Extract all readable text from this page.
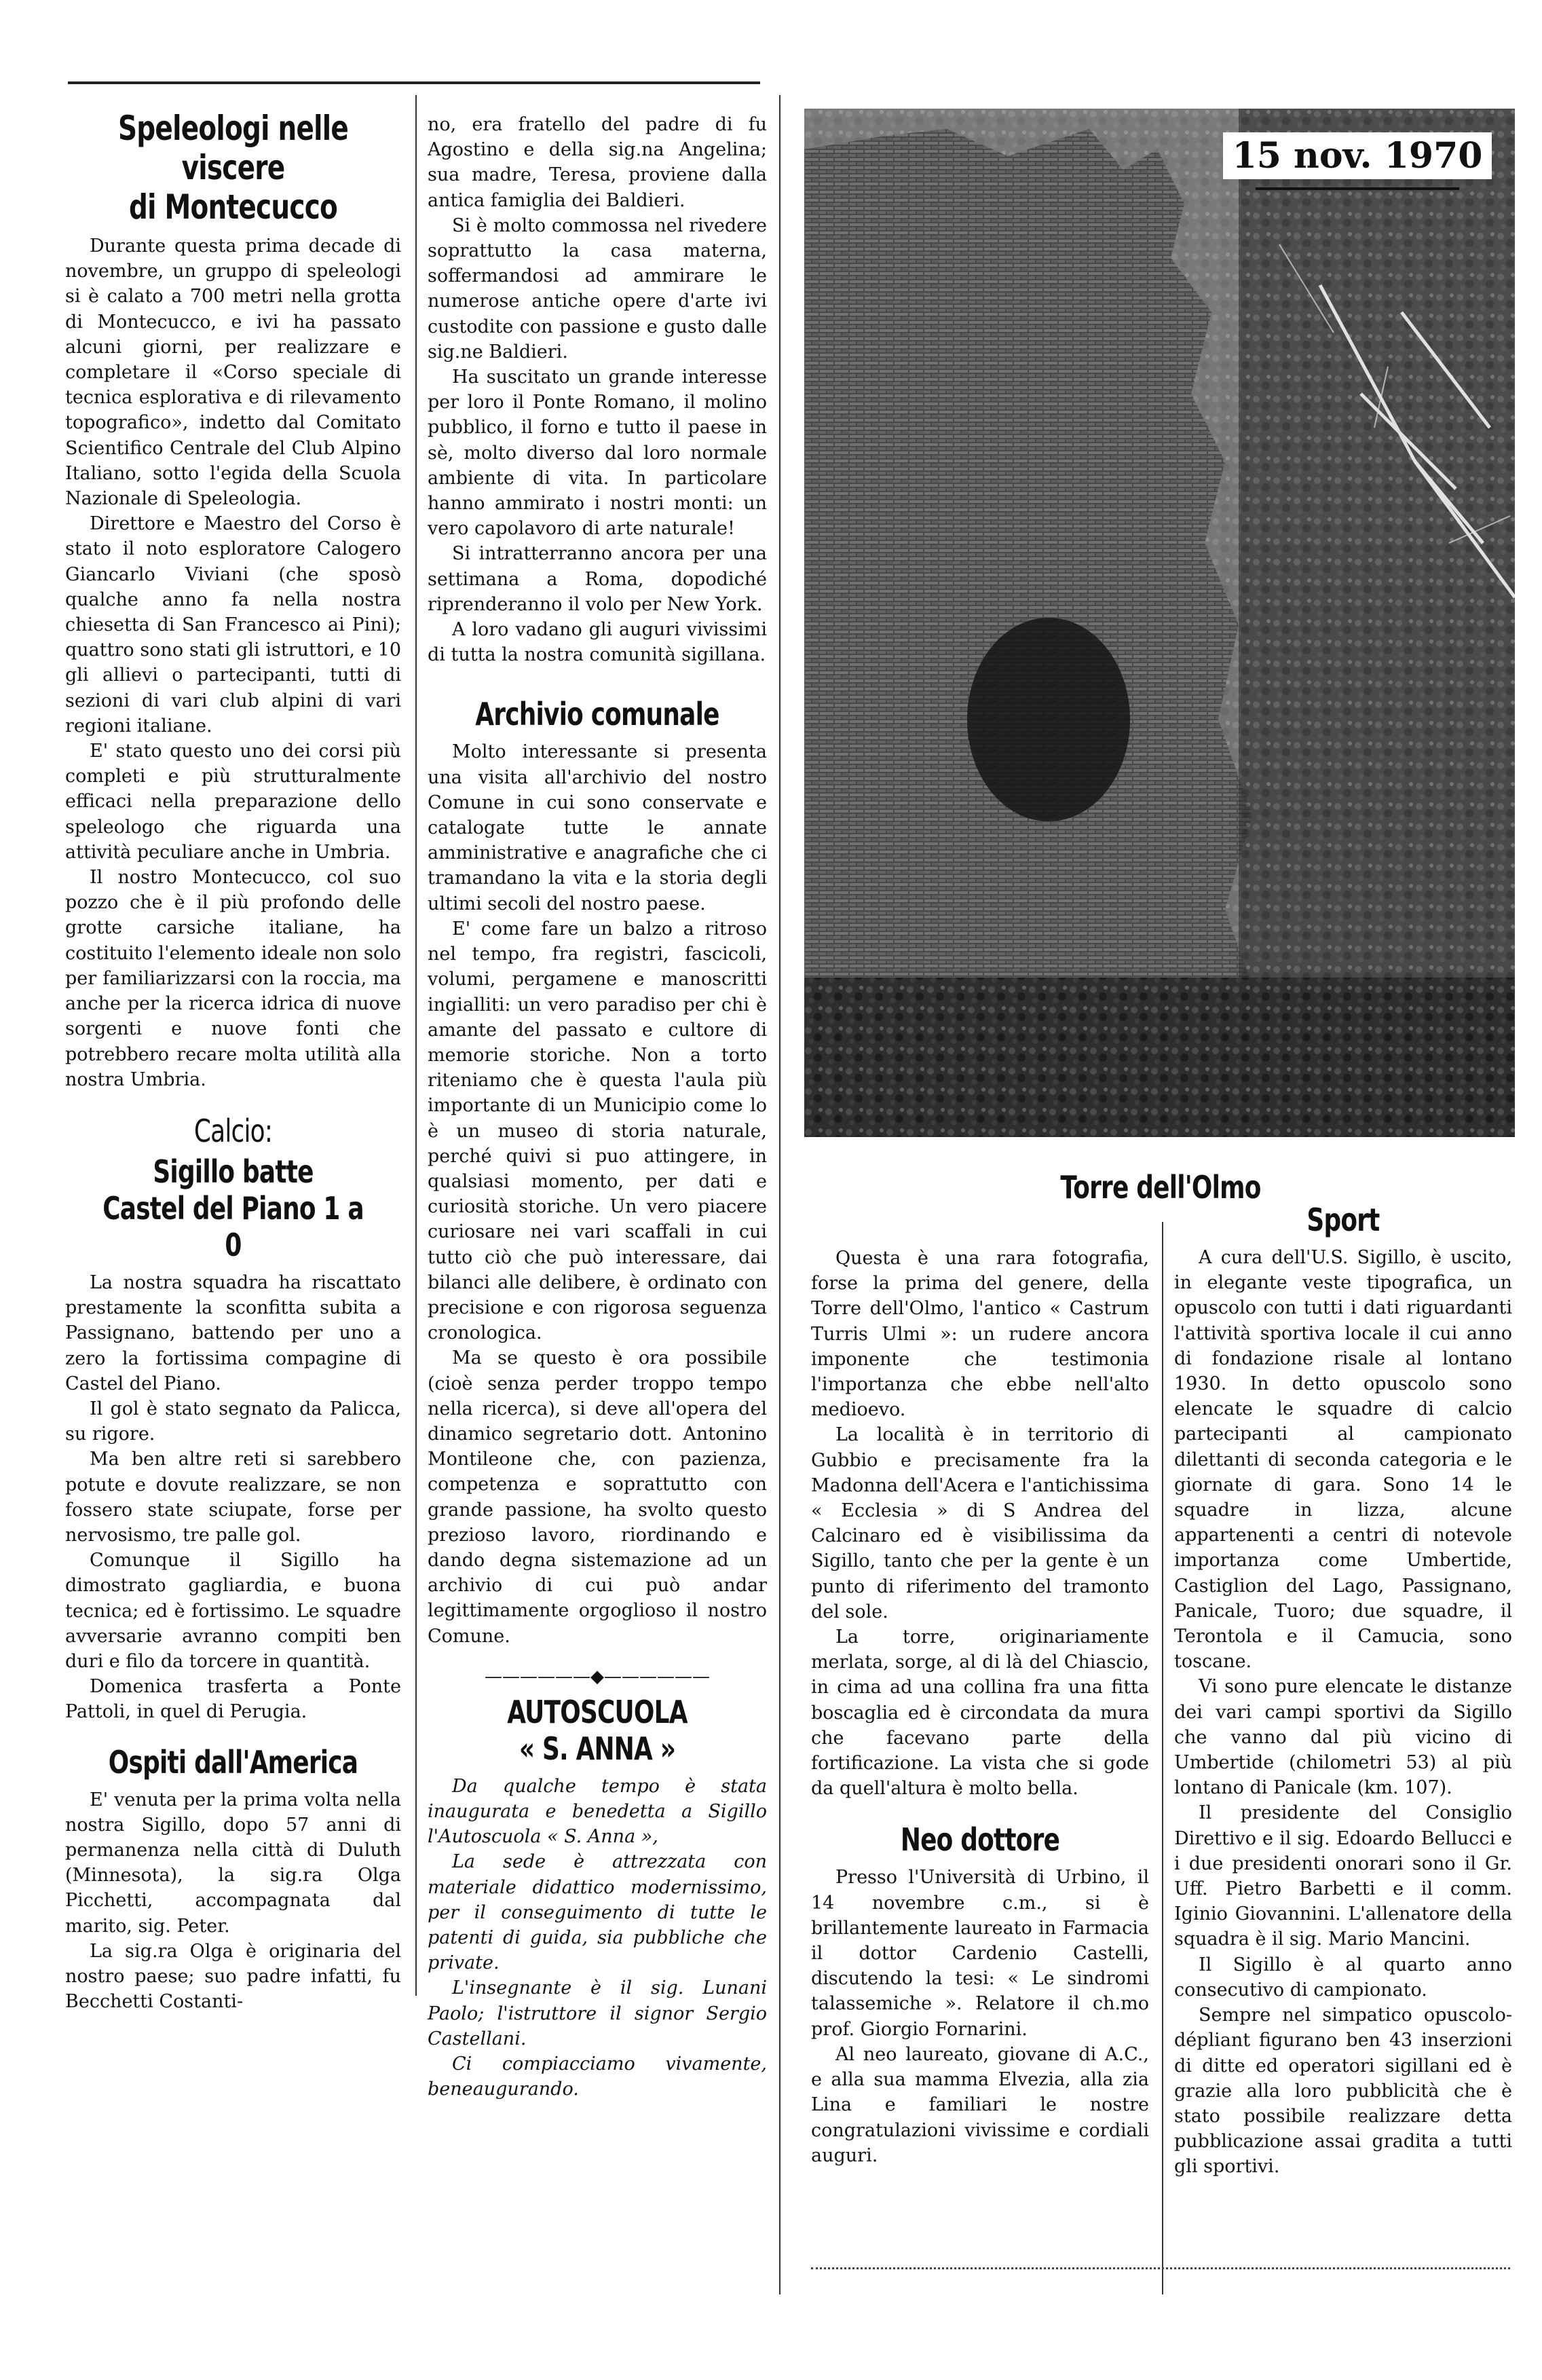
Speleologi nelle viscere
di Montecucco

Durante questa prima decade di novembre, un gruppo di speleologi si è calato a 700 metri nella grotta di Montecucco, e ivi ha passato alcuni giorni, per realizzare e completare il «Corso speciale di tecnica esplorativa e di rilevamento topografico», indetto dal Comitato Scientifico Centrale del Club Alpino Italiano, sotto l'egida della Scuola Nazionale di Speleologia.

Direttore e Maestro del Corso è stato il noto esploratore Calogero Giancarlo Viviani (che sposò qualche anno fa nella nostra chiesetta di San Francesco ai Pini); quattro sono stati gli istruttori, e 10 gli allievi o partecipanti, tutti di sezioni di vari club alpini di vari regioni italiane.

E' stato questo uno dei corsi più completi e più strutturalmente efficaci nella preparazione dello speleologo che riguarda una attività peculiare anche in Umbria.

Il nostro Montecucco, col suo pozzo che è il più profondo delle grotte carsiche italiane, ha costituito l'elemento ideale non solo per familiarizzarsi con la roccia, ma anche per la ricerca idrica di nuove sorgenti e nuove fonti che potrebbero recare molta utilità alla nostra Umbria.

Calcio:
Sigillo batte
Castel del Piano 1 a 0

La nostra squadra ha riscattato prestamente la sconfitta subita a Passignano, battendo per uno a zero la fortissima compagine di Castel del Piano.

Il gol è stato segnato da Palicca, su rigore.

Ma ben altre reti si sarebbero potute e dovute realizzare, se non fossero state sciupate, forse per nervosismo, tre palle gol.

Comunque il Sigillo ha dimostrato gagliardia, e buona tecnica; ed è fortissimo. Le squadre avversarie avranno compiti ben duri e filo da torcere in quantità.

Domenica trasferta a Ponte Pattoli, in quel di Perugia.

Ospiti dall'America

E' venuta per la prima volta nella nostra Sigillo, dopo 57 anni di permanenza nella città di Duluth (Minnesota), la sig.ra Olga Picchetti, accompagnata dal marito, sig. Peter.

La sig.ra Olga è originaria del nostro paese; suo padre infatti, fu Becchetti Costanti-

no, era fratello del padre di fu Agostino e della sig.na Angelina; sua madre, Teresa, proviene dalla antica famiglia dei Baldieri.

Si è molto commossa nel rivedere soprattutto la casa materna, soffermandosi ad ammirare le numerose antiche opere d'arte ivi custodite con passione e gusto dalle sig.ne Baldieri.

Ha suscitato un grande interesse per loro il Ponte Romano, il molino pubblico, il forno e tutto il paese in sè, molto diverso dal loro normale ambiente di vita. In particolare hanno ammirato i nostri monti: un vero capolavoro di arte naturale!

Si intratterranno ancora per una settimana a Roma, dopodiché riprenderanno il volo per New York.

A loro vadano gli auguri vivissimi di tutta la nostra comunità sigillana.

Archivio comunale

Molto interessante si presenta una visita all'archivio del nostro Comune in cui sono conservate e catalogate tutte le annate amministrative e anagrafiche che ci tramandano la vita e la storia degli ultimi secoli del nostro paese.

E' come fare un balzo a ritroso nel tempo, fra registri, fascicoli, volumi, pergamene e manoscritti ingialliti: un vero paradiso per chi è amante del passato e cultore di memorie storiche. Non a torto riteniamo che è questa l'aula più importante di un Municipio come lo è un museo di storia naturale, perché quivi si puo attingere, in qualsiasi momento, per dati e curiosità storiche. Un vero piacere curiosare nei vari scaffali in cui tutto ciò che può interessare, dai bilanci alle delibere, è ordinato con precisione e con rigorosa seguenza cronologica.

Ma se questo è ora possibile (cioè senza perder troppo tempo nella ricerca), si deve all'opera del dinamico segretario dott. Antonino Montileone che, con pazienza, competenza e soprattutto con grande passione, ha svolto questo prezioso lavoro, riordinando e dando degna sistemazione ad un archivio di cui può andar legittimamente orgoglioso il nostro Comune.

——————◆——————
AUTOSCUOLA
« S. ANNA »

Da qualche tempo è stata inaugurata e benedetta a Sigillo l'Autoscuola « S. Anna »,

La sede è attrezzata con materiale didattico modernissimo, per il conseguimento di tutte le patenti di guida, sia pubbliche che private.

L'insegnante è il sig. Lunani Paolo; l'istruttore il signor Sergio Castellani.

Ci compiacciamo vivamente, beneaugurando.

15 nov. 1970
Torre dell'Olmo

Questa è una rara fotografia, forse la prima del genere, della Torre dell'Olmo, l'antico « Castrum Turris Ulmi »: un rudere ancora imponente che testimonia l'importanza che ebbe nell'alto medioevo.

La località è in territorio di Gubbio e precisamente fra la Madonna dell'Acera e l'antichissima « Ecclesia » di S Andrea del Calcinaro ed è visibilissima da Sigillo, tanto che per la gente è un punto di riferimento del tramonto del sole.

La torre, originariamente merlata, sorge, al di là del Chiascio, in cima ad una collina fra una fitta boscaglia ed è circondata da mura che facevano parte della fortificazione. La vista che si gode da quell'altura è molto bella.

Neo dottore

Presso l'Università di Urbino, il 14 novembre c.m., si è brillantemente laureato in Farmacia il dottor Cardenio Castelli, discutendo la tesi: « Le sindromi talassemiche ». Relatore il ch.mo prof. Giorgio Fornarini.

Al neo laureato, giovane di A.C., e alla sua mamma Elvezia, alla zia Lina e familiari le nostre congratulazioni vivissime e cordiali auguri.

Sport

A cura dell'U.S. Sigillo, è uscito, in elegante veste tipografica, un opuscolo con tutti i dati riguardanti l'attività sportiva locale il cui anno di fondazione risale al lontano 1930. In detto opuscolo sono elencate le squadre di calcio partecipanti al campionato dilettanti di seconda categoria e le giornate di gara. Sono 14 le squadre in lizza, alcune appartenenti a centri di notevole importanza come Umbertide, Castiglion del Lago, Passignano, Panicale, Tuoro; due squadre, il Terontola e il Camucia, sono toscane.

Vi sono pure elencate le distanze dei vari campi sportivi da Sigillo che vanno dal più vicino di Umbertide (chilometri 53) al più lontano di Panicale (km. 107).

Il presidente del Consiglio Direttivo e il sig. Edoardo Bellucci e i due presidenti onorari sono il Gr. Uff. Pietro Barbetti e il comm. Iginio Giovannini. L'allenatore della squadra è il sig. Mario Mancini.

Il Sigillo è al quarto anno consecutivo di campionato.

Sempre nel simpatico opuscolo-dépliant figurano ben 43 inserzioni di ditte ed operatori sigillani ed è grazie alla loro pubblicità che è stato possibile realizzare detta pubblicazione assai gradita a tutti gli sportivi.
